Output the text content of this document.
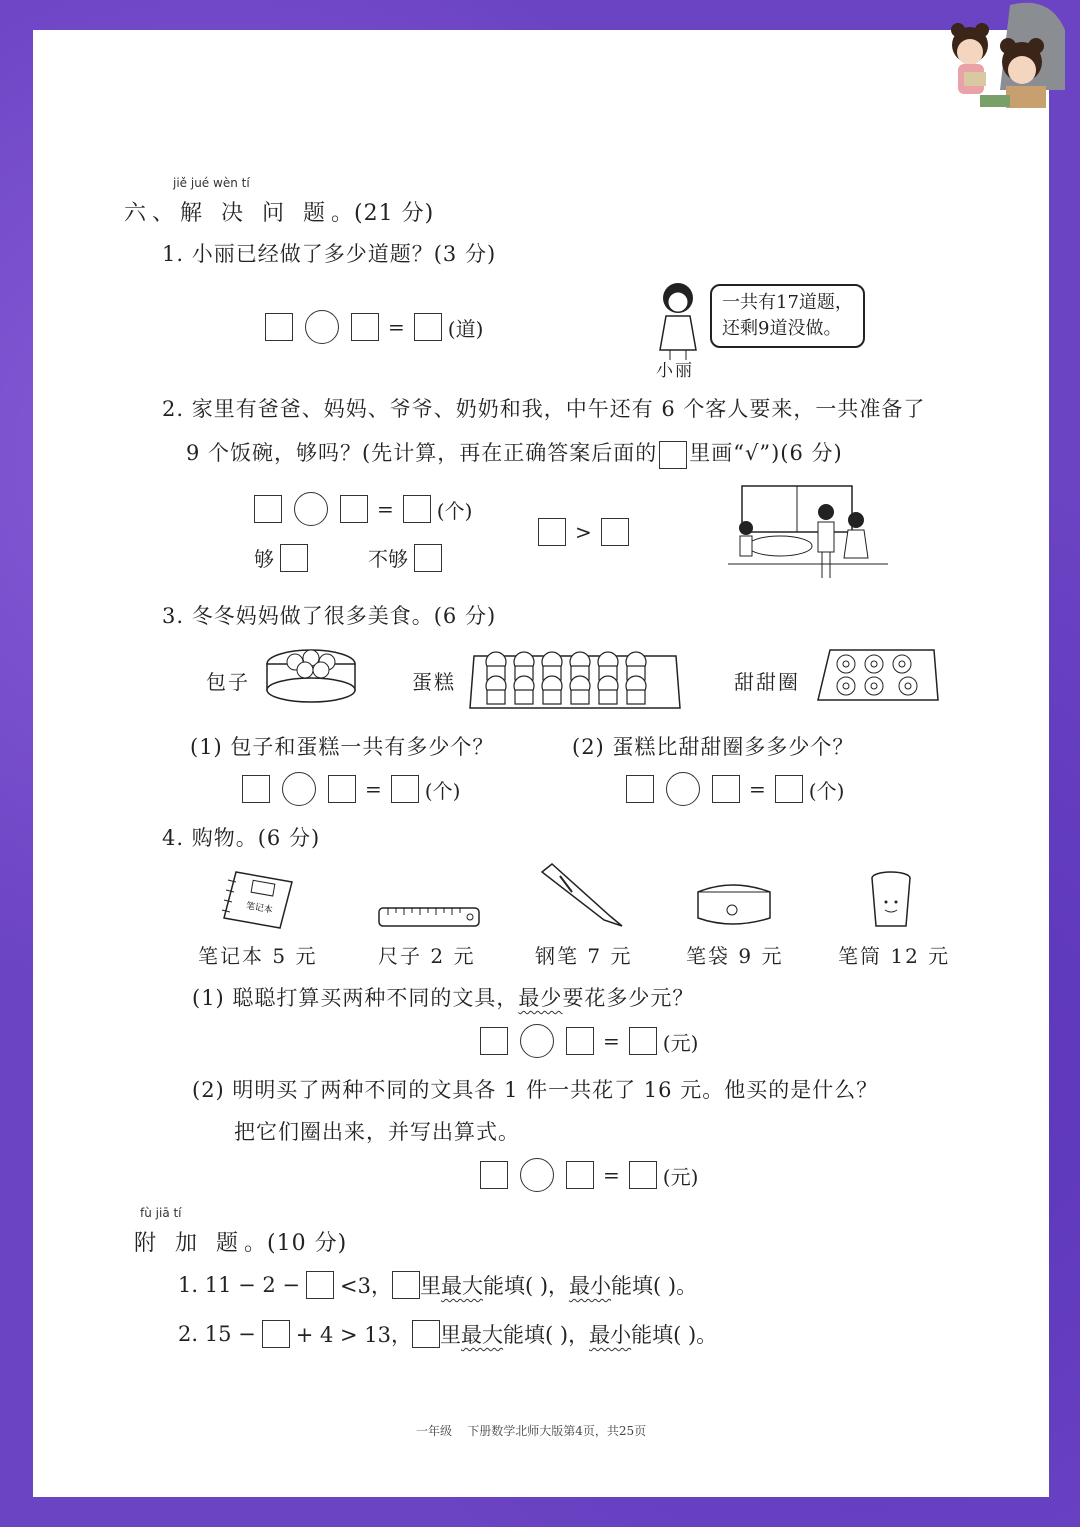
jiě jué wèn tí
六、解 决 问 题。(21 分)
1. 小丽已经做了多少道题？(3 分)
= (道)
一共有17道题，
还剩9道没做。
小丽
2. 家里有爸爸、妈妈、爷爷、奶奶和我，中午还有 6 个客人要来，一共准备了
9 个饭碗，够吗？(先计算，再在正确答案后面的 里画“√”)(6 分)
= (个)
够	不够
>
3. 冬冬妈妈做了很多美食。(6 分)
包子	蛋糕	甜甜圈
(1) 包子和蛋糕一共有多少个？	(2) 蛋糕比甜甜圈多多少个？
= (个)	= (个)
4. 购物。(6 分)
笔记本
笔记本 5 元	尺子 2 元	钢笔 7 元	笔袋 9 元	笔筒 12 元
(1) 聪聪打算买两种不同的文具，最少要花多少元？
= (元)
(2) 明明买了两种不同的文具各 1 件一共花了 16 元。他买的是什么？
把它们圈出来，并写出算式。
= (元)
fù jiā tí
附 加 题。(10 分)
1. 11 − 2 − <3， 里最大能填( )，最小能填( )。
2. 15 − + 4 > 13， 里最大能填( )，最小能填( )。
一年级    下册数学北师大版第4页，共25页
